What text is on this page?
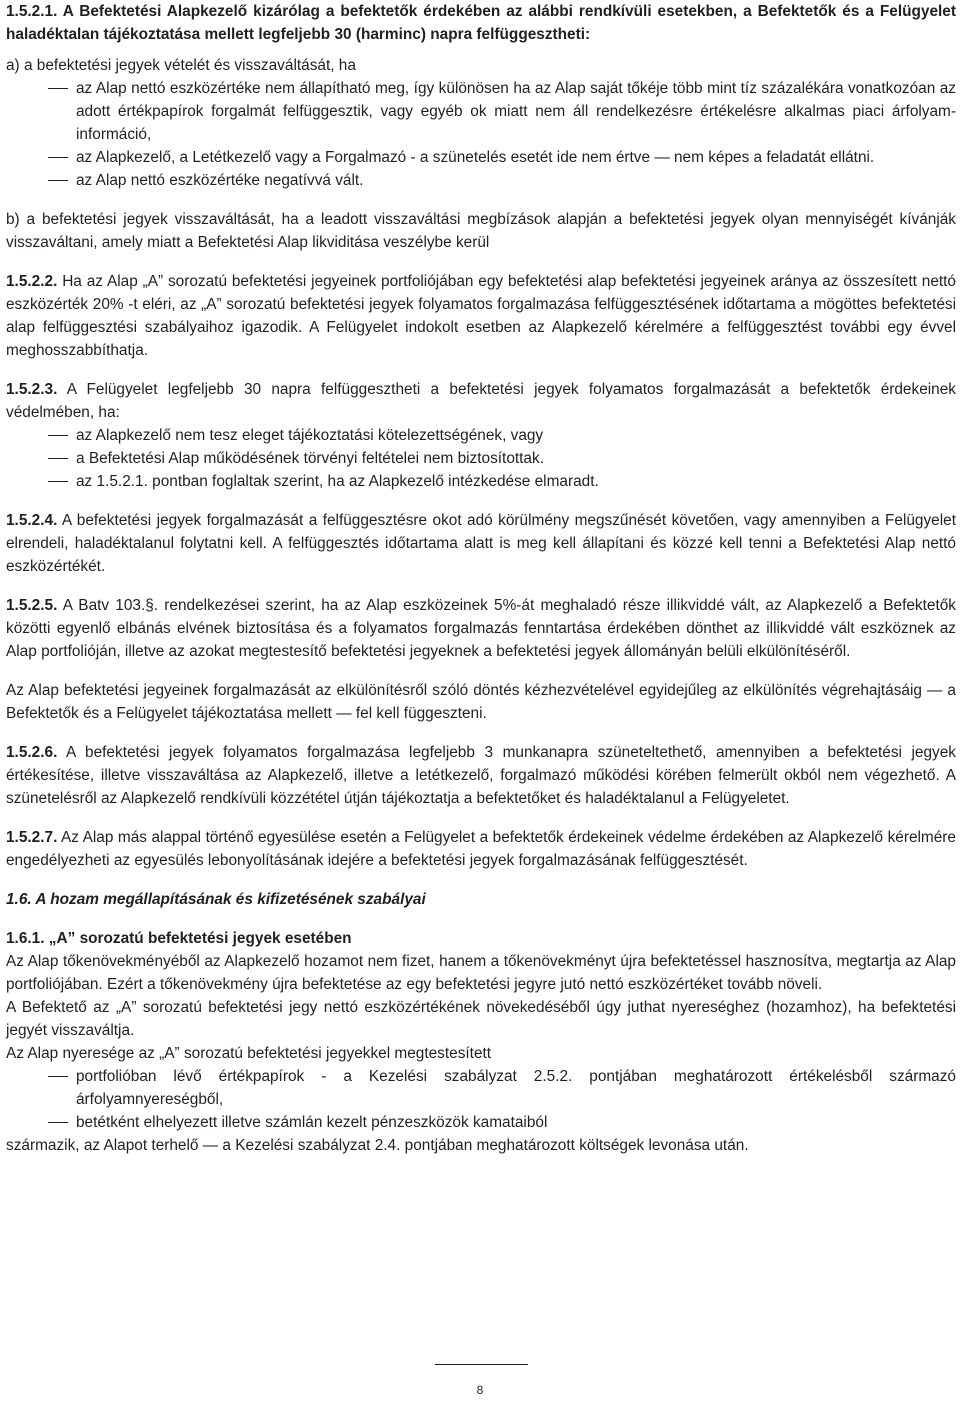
1.5.2.1. A Befektetési Alapkezelő kizárólag a befektetők érdekében az alábbi rendkívüli esetekben, a Befektetők és a Felügyelet haladéktalan tájékoztatása mellett legfeljebb 30 (harminc) napra felfüggesztheti:

a) a befektetési jegyek vételét és visszaváltását, ha

az Alap nettó eszközértéke nem állapítható meg, így különösen ha az Alap saját tőkéje több mint tíz százalékára vonatkozóan az adott értékpapírok forgalmát felfüggesztik, vagy egyéb ok miatt nem áll rendelkezésre értékelésre alkalmas piaci árfolyam-információ,
az Alapkezelő, a Letétkezelő vagy a Forgalmazó - a szünetelés esetét ide nem értve — nem képes a feladatát ellátni.
az Alap nettó eszközértéke negatívvá vált.

b) a befektetési jegyek visszaváltását, ha a leadott visszaváltási megbízások alapján a befektetési jegyek olyan mennyiségét kívánják visszaváltani, amely miatt a Befektetési Alap likviditása veszélybe kerül

1.5.2.2. Ha az Alap „A” sorozatú befektetési jegyeinek portfoliójában egy befektetési alap befektetési jegyeinek aránya az összesített nettó eszközérték 20% -t eléri, az „A” sorozatú befektetési jegyek folyamatos forgalmazása felfüggesztésének időtartama a mögöttes befektetési alap felfüggesztési szabályaihoz igazodik. A Felügyelet indokolt esetben az Alapkezelő kérelmére a felfüggesztést további egy évvel meghosszabbíthatja.

1.5.2.3. A Felügyelet legfeljebb 30 napra felfüggesztheti a befektetési jegyek folyamatos forgalmazását a befektetők érdekeinek védelmében, ha:

az Alapkezelő nem tesz eleget tájékoztatási kötelezettségének, vagy
a Befektetési Alap működésének törvényi feltételei nem biztosítottak.
az 1.5.2.1. pontban foglaltak szerint, ha az Alapkezelő intézkedése elmaradt.

1.5.2.4. A befektetési jegyek forgalmazását a felfüggesztésre okot adó körülmény megszűnését követően, vagy amennyiben a Felügyelet elrendeli, haladéktalanul folytatni kell. A felfüggesztés időtartama alatt is meg kell állapítani és közzé kell tenni a Befektetési Alap nettó eszközértékét.

1.5.2.5. A Batv 103.§. rendelkezései szerint, ha az Alap eszközeinek 5%-át meghaladó része illikviddé vált, az Alapkezelő a Befektetők közötti egyenlő elbánás elvének biztosítása és a folyamatos forgalmazás fenntartása érdekében dönthet az illikviddé vált eszköznek az Alap portfolióján, illetve az azokat megtestesítő befektetési jegyeknek a befektetési jegyek állományán belüli elkülönítéséről.

Az Alap befektetési jegyeinek forgalmazását az elkülönítésről szóló döntés kézhezvételével egyidejűleg az elkülönítés végrehajtásáig — a Befektetők és a Felügyelet tájékoztatása mellett — fel kell függeszteni.

1.5.2.6. A befektetési jegyek folyamatos forgalmazása legfeljebb 3 munkanapra szüneteltethető, amennyiben a befektetési jegyek értékesítése, illetve visszaváltása az Alapkezelő, illetve a letétkezelő, forgalmazó működési körében felmerült okból nem végezhető. A szünetelésről az Alapkezelő rendkívüli közzététel útján tájékoztatja a befektetőket és haladéktalanul a Felügyeletet.

1.5.2.7. Az Alap más alappal történő egyesülése esetén a Felügyelet a befektetők érdekeinek védelme érdekében az Alapkezelő kérelmére engedélyezheti az egyesülés lebonyolításának idejére a befektetési jegyek forgalmazásának felfüggesztését.

1.6. A hozam megállapításának és kifizetésének szabályai

1.6.1. „A” sorozatú befektetési jegyek esetében

Az Alap tőkenövekményéből az Alapkezelő hozamot nem fizet, hanem a tőkenövekményt újra befektetéssel hasznosítva, megtartja az Alap portfoliójában. Ezért a tőkenövekmény újra befektetése az egy befektetési jegyre jutó nettó eszközértéket tovább növeli.

A Befektető az „A” sorozatú befektetési jegy nettó eszközértékének növekedéséből úgy juthat nyereséghez (hozamhoz), ha befektetési jegyét visszaváltja.

Az Alap nyeresége az „A” sorozatú befektetési jegyekkel megtestesített

portfolióban lévő értékpapírok - a Kezelési szabályzat 2.5.2. pontjában meghatározott értékelésből származó árfolyamnyereségből,
betétként elhelyezett illetve számlán kezelt pénzeszközök kamataiból

származik, az Alapot terhelő — a Kezelési szabályzat 2.4. pontjában meghatározott költségek levonása után.

8
